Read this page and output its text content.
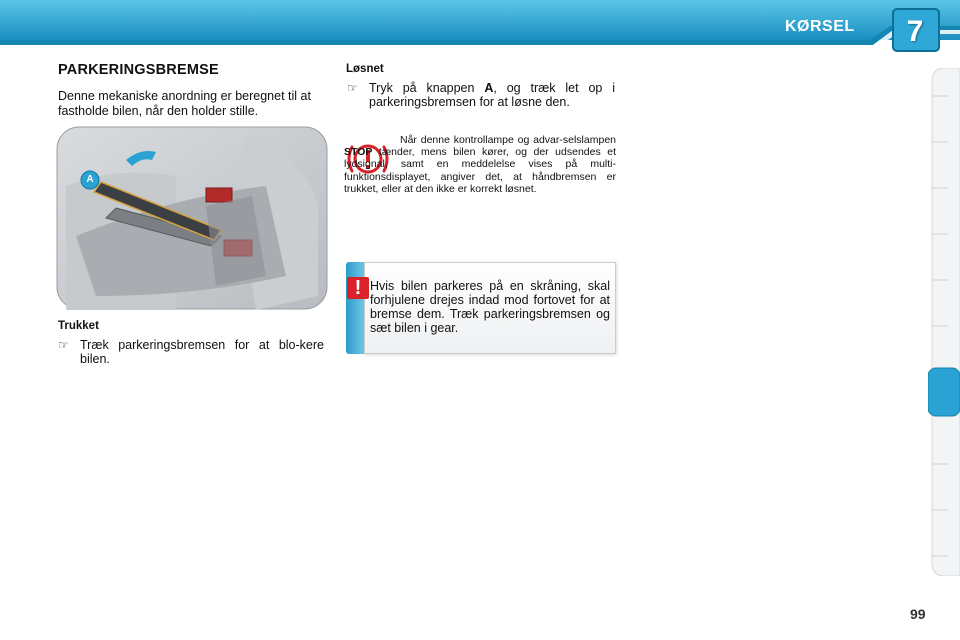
KØRSEL	7
PARKERINGSBREMSE
Denne mekaniske anordning er beregnet til at fastholde bilen, når den holder stille.
A
Trukket
☞ Træk parkeringsbremsen for at blo-kere bilen.
Løsnet
☞ Tryk på knappen A, og træk let op i parkeringsbremsen for at løsne den.
Når denne kontrollampe og advar-selslampen STOP tænder, mens bilen kører, og der udsendes et lydsignal, samt en meddelelse vises på multi-funktionsdisplayet, angiver det, at håndbremsen er trukket, eller at den ikke er korrekt løsnet.
! Hvis bilen parkeres på en skråning, skal forhjulene drejes indad mod fortovet for at bremse dem. Træk parkeringsbremsen og sæt bilen i gear.
99
